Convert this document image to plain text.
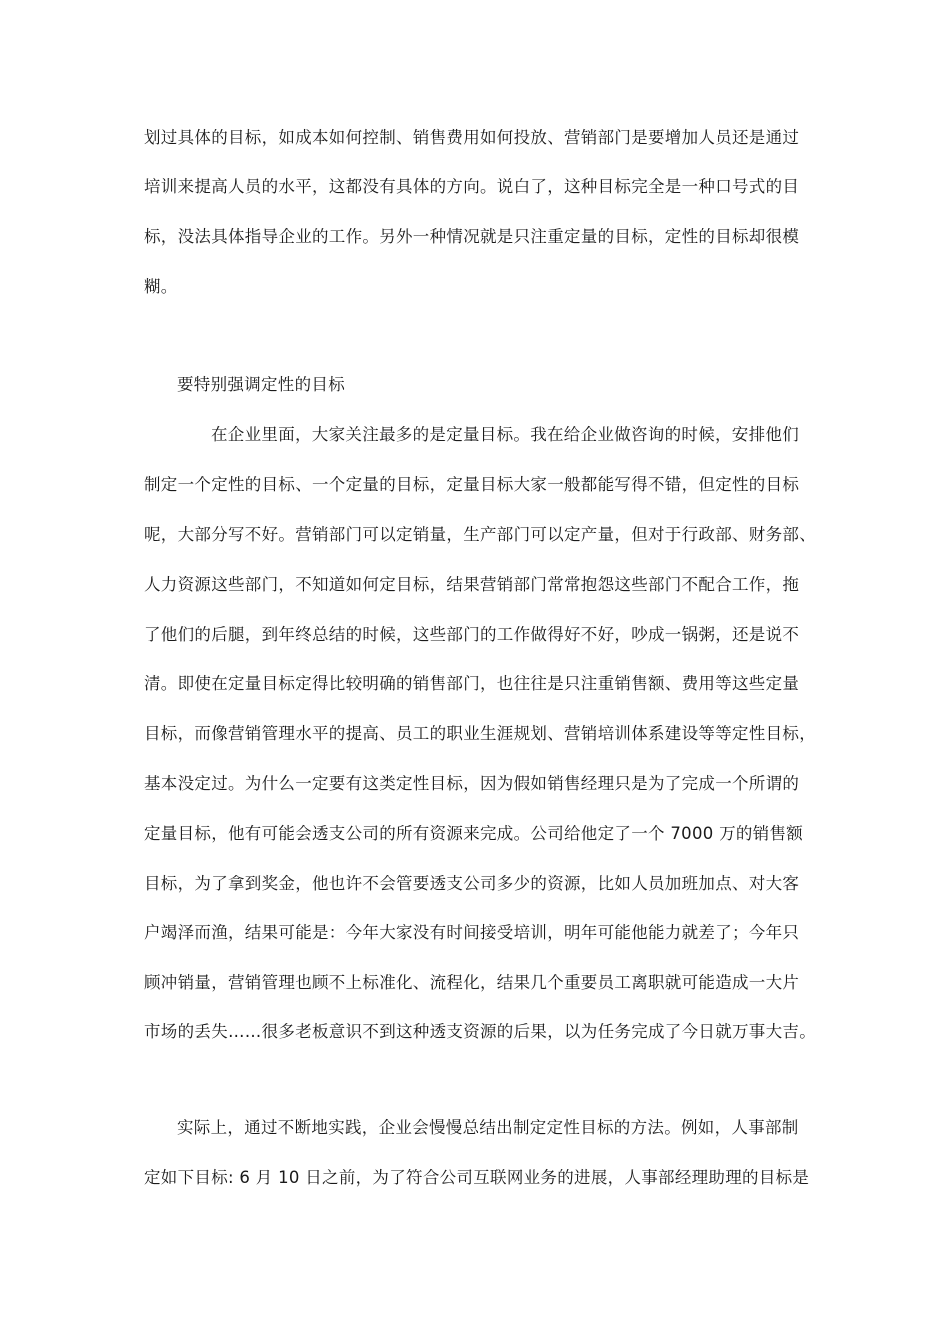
划过具体的目标，如成本如何控制、销售费用如何投放、营销部门是要增加人员还是通过
培训来提高人员的水平，这都没有具体的方向。说白了，这种目标完全是一种口号式的目
标，没法具体指导企业的工作。另外一种情况就是只注重定量的目标，定性的目标却很模
糊。
要特别强调定性的目标
在企业里面，大家关注最多的是定量目标。我在给企业做咨询的时候，安排他们
制定一个定性的目标、一个定量的目标，定量目标大家一般都能写得不错，但定性的目标
呢，大部分写不好。营销部门可以定销量，生产部门可以定产量，但对于行政部、财务部、
人力资源这些部门，不知道如何定目标，结果营销部门常常抱怨这些部门不配合工作，拖
了他们的后腿，到年终总结的时候，这些部门的工作做得好不好，吵成一锅粥，还是说不
清。即使在定量目标定得比较明确的销售部门，也往往是只注重销售额、费用等这些定量
目标，而像营销管理水平的提高、员工的职业生涯规划、营销培训体系建设等等定性目标，
基本没定过。为什么一定要有这类定性目标，因为假如销售经理只是为了完成一个所谓的
定量目标，他有可能会透支公司的所有资源来完成。公司给他定了一个 7000 万的销售额
目标，为了拿到奖金，他也许不会管要透支公司多少的资源，比如人员加班加点、对大客
户竭泽而渔，结果可能是：今年大家没有时间接受培训，明年可能他能力就差了；今年只
顾冲销量，营销管理也顾不上标准化、流程化，结果几个重要员工离职就可能造成一大片
市场的丢失……很多老板意识不到这种透支资源的后果，以为任务完成了今日就万事大吉。
实际上，通过不断地实践，企业会慢慢总结出制定定性目标的方法。例如，人事部制
定如下目标: 6 月 10 日之前，为了符合公司互联网业务的进展，人事部经理助理的目标是
